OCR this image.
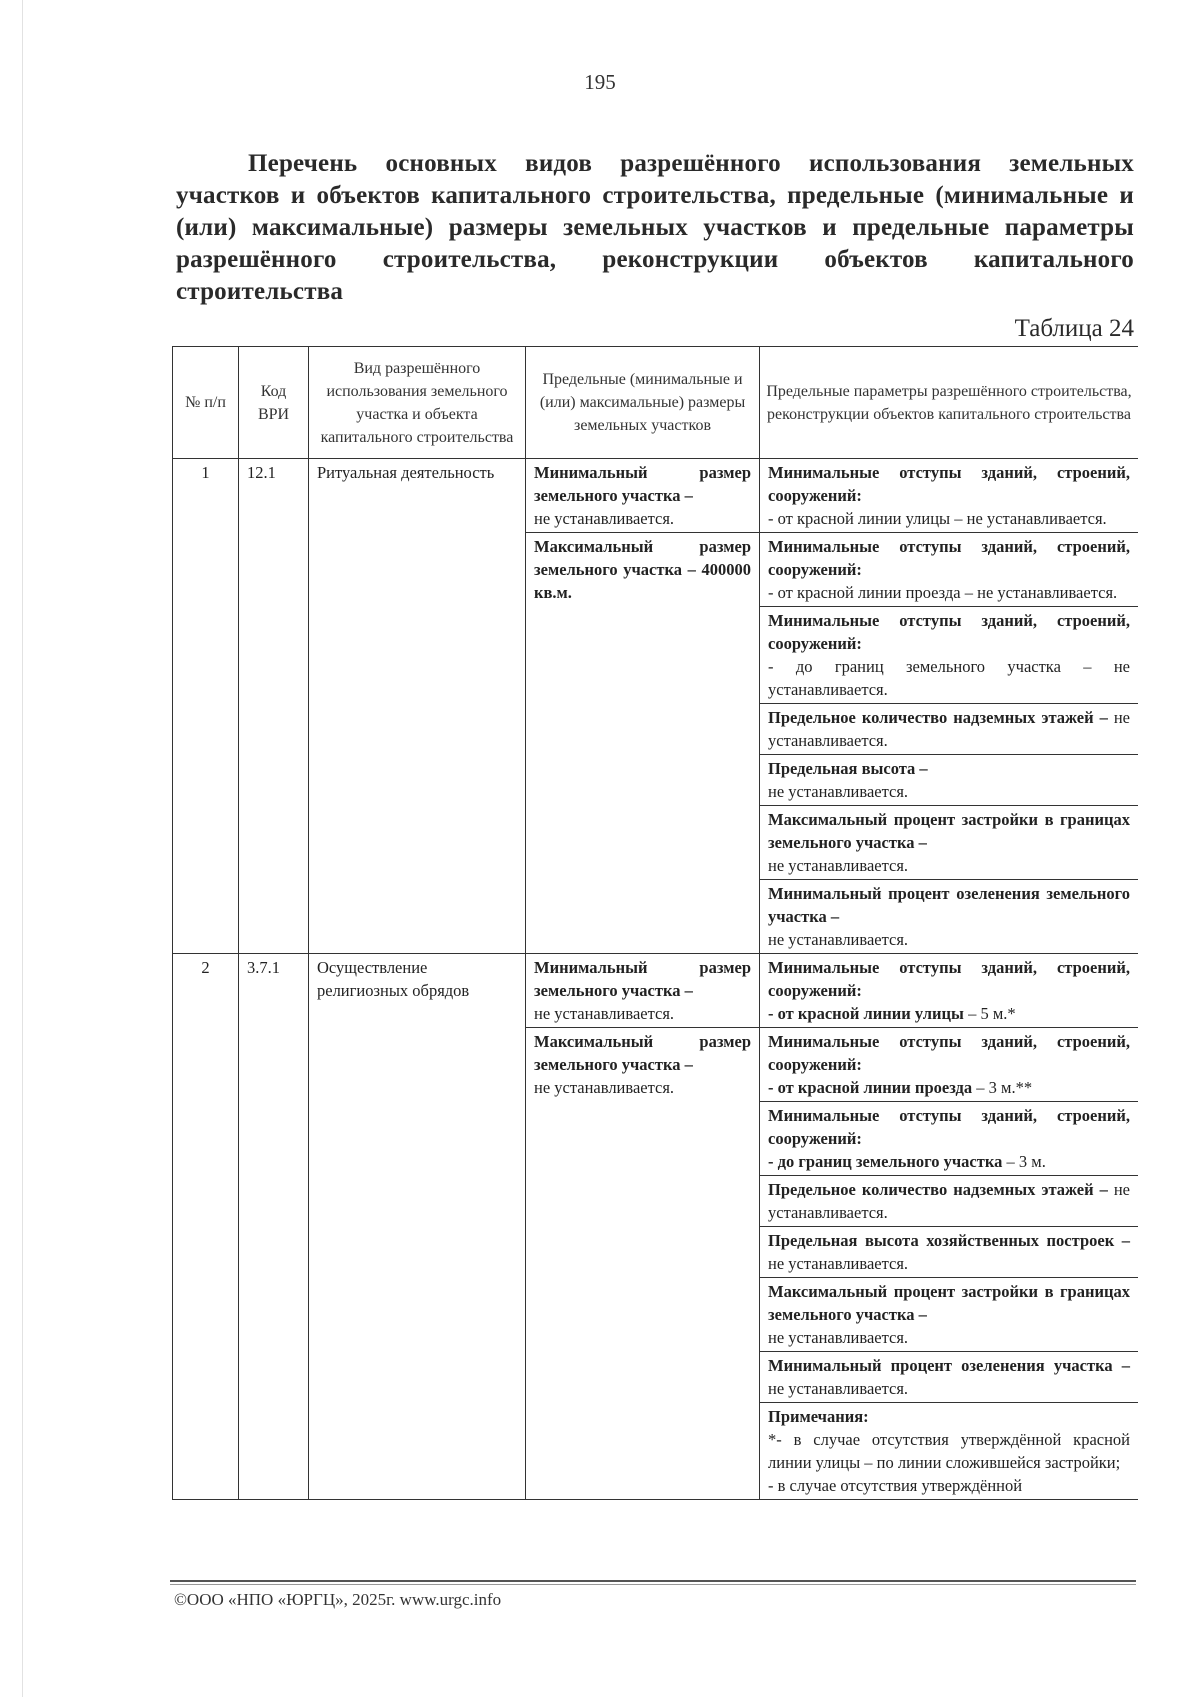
195
Перечень основных видов разрешённого использования земельных участков и объектов капитального строительства, предельные (минимальные и (или) максимальные) размеры земельных участков и предельные параметры разрешённого строительства, реконструкции объектов капитального строительства
Таблица 24
№ п/п	Код ВРИ	Вид разрешённого использования земельного участка и объекта капитального строительства	Предельные (минимальные и (или) максимальные) размеры земельных участков	Предельные параметры разрешённого строительства, реконструкции объектов капитального строительства
1	12.1	Ритуальная деятельность	Минимальный размер земельного участка –
не устанавливается.	Минимальные отступы зданий, строений, сооружений:
- от красной линии улицы – не устанавливается.
			Максимальный размер земельного участка – 400000 кв.м.	Минимальные отступы зданий, строений, сооружений:
- от красной линии проезда – не устанавливается.
				Минимальные отступы зданий, строений, сооружений:
- до границ земельного участка – не устанавливается.
				Предельное количество надземных этажей – не устанавливается.
				Предельная высота –
не устанавливается.
				Максимальный процент застройки в границах земельного участка –
не устанавливается.
				Минимальный процент озеленения земельного участка –
не устанавливается.
2	3.7.1	Осуществление религиозных обрядов	Минимальный размер земельного участка –
не устанавливается.	Минимальные отступы зданий, строений, сооружений:
- от красной линии улицы – 5 м.*
			Максимальный размер земельного участка –
не устанавливается.	Минимальные отступы зданий, строений, сооружений:
- от красной линии проезда – 3 м.**
				Минимальные отступы зданий, строений, сооружений:
- до границ земельного участка – 3 м.
				Предельное количество надземных этажей – не устанавливается.
				Предельная высота хозяйственных построек – не устанавливается.
				Максимальный процент застройки в границах земельного участка –
не устанавливается.
				Минимальный процент озеленения участка – не устанавливается.
				Примечания:
*- в случае отсутствия утверждённой красной линии улицы – по линии сложившейся застройки;
- в случае отсутствия утверждённой
©ООО «НПО «ЮРГЦ», 2025г. www.urgc.info
